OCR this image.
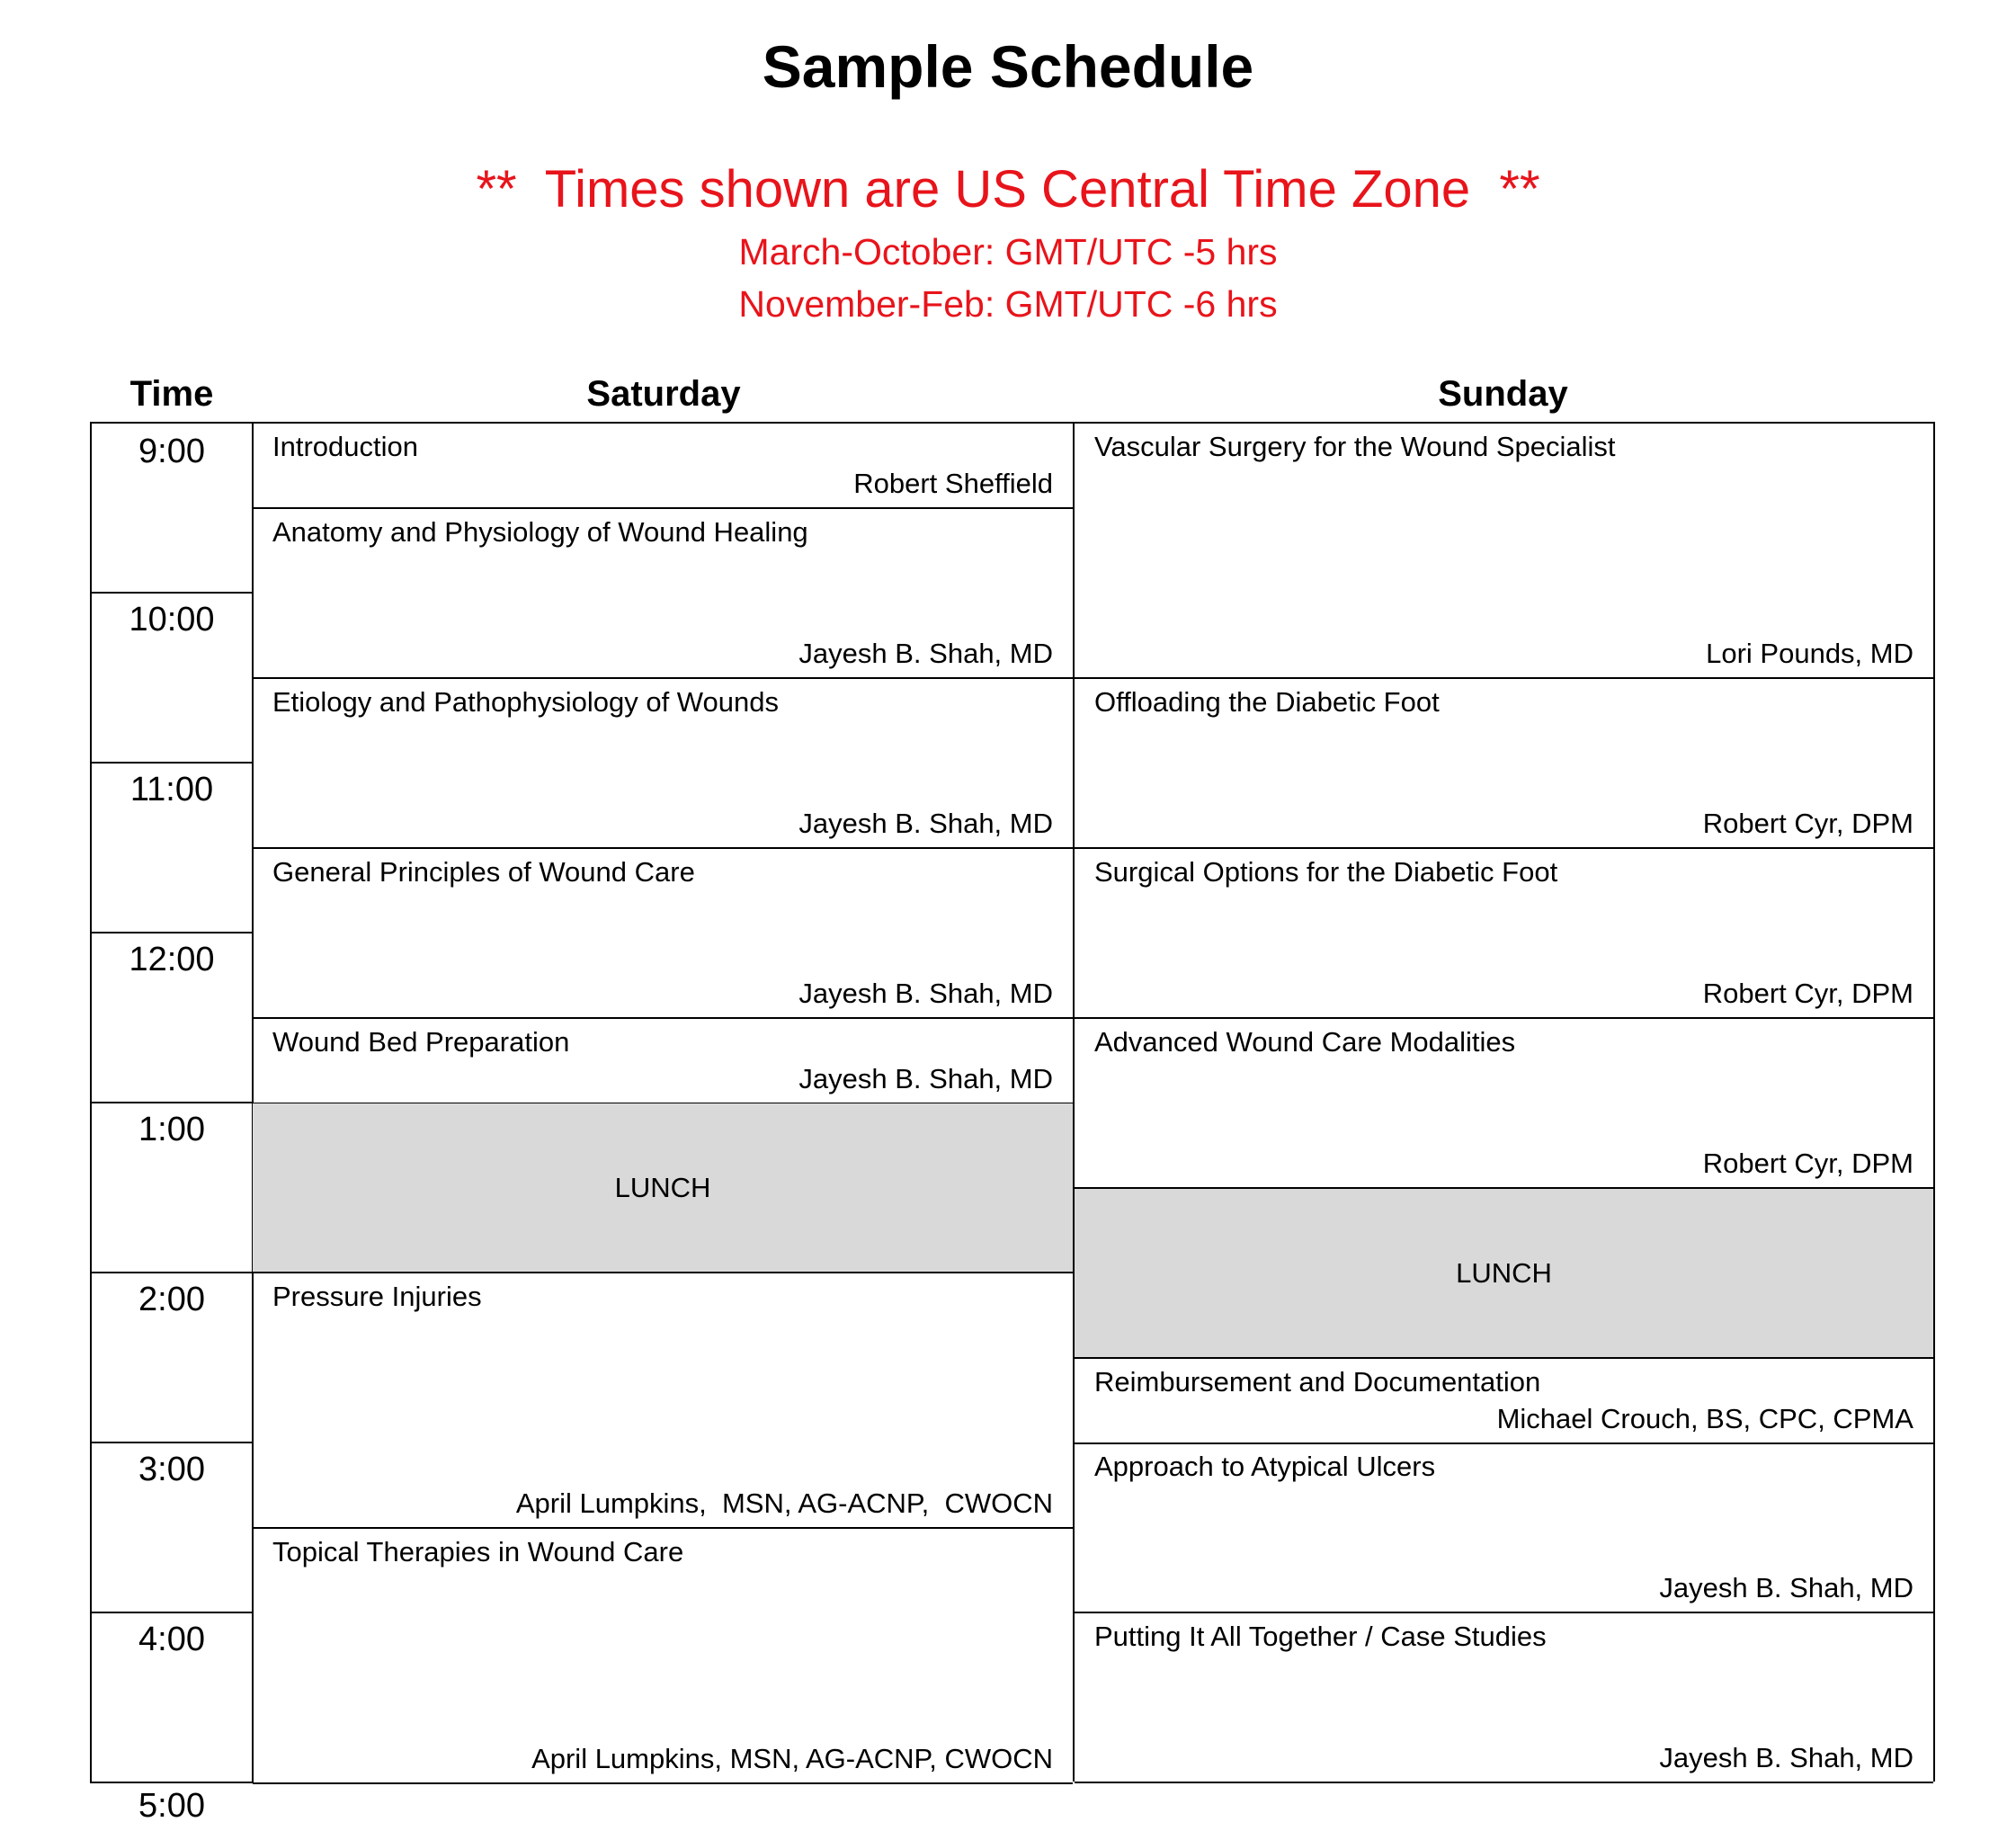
Sample Schedule
**  Times shown are US Central Time Zone  **
March-October: GMT/UTC -5 hrs
November-Feb: GMT/UTC -6 hrs
Time	Saturday	Sunday
9:00
10:00
11:00
12:00
1:00
2:00
3:00
4:00
5:00
Introduction
Robert Sheffield
Anatomy and Physiology of Wound Healing
Jayesh B. Shah, MD
Etiology and Pathophysiology of Wounds
Jayesh B. Shah, MD
General Principles of Wound Care
Jayesh B. Shah, MD
Wound Bed Preparation
Jayesh B. Shah, MD
LUNCH
Pressure Injuries
April Lumpkins,  MSN, AG-ACNP,  CWOCN
Topical Therapies in Wound Care
April Lumpkins, MSN, AG-ACNP, CWOCN
Vascular Surgery for the Wound Specialist
Lori Pounds, MD
Offloading the Diabetic Foot
Robert Cyr, DPM
Surgical Options for the Diabetic Foot
Robert Cyr, DPM
Advanced Wound Care Modalities
Robert Cyr, DPM
LUNCH
Reimbursement and Documentation
Michael Crouch, BS, CPC, CPMA
Approach to Atypical Ulcers
Jayesh B. Shah, MD
Putting It All Together / Case Studies
Jayesh B. Shah, MD
